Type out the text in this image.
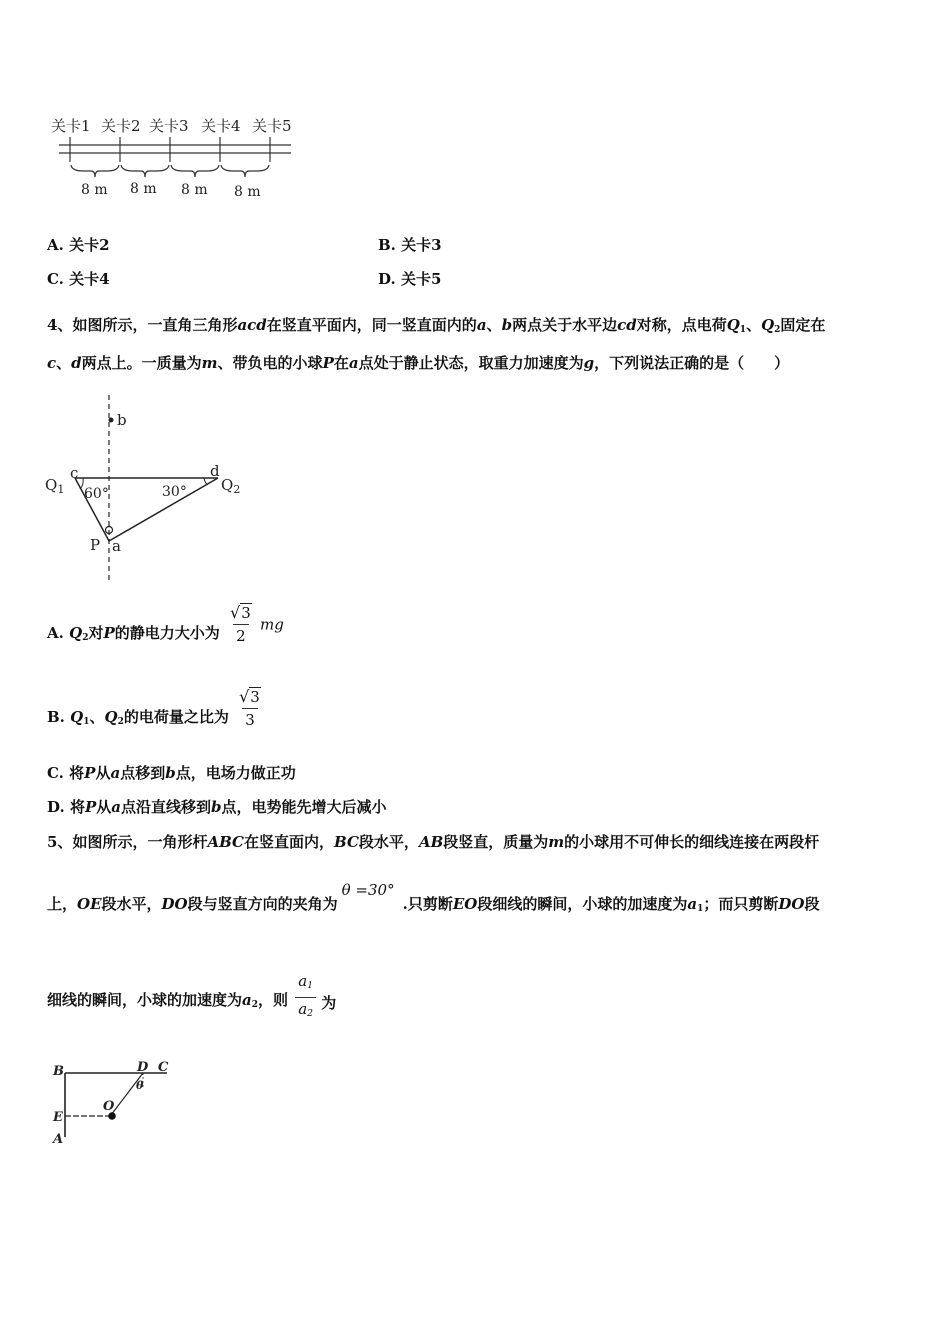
关卡1 关卡2 关卡3 关卡4 关卡5
8 m 8 m 8 m 8 m
A. 关卡2	B. 关卡3
C. 关卡4	D. 关卡5
4、如图所示，一直角三角形acd在竖直平面内，同一竖直面内的a、b两点关于水平边cd对称，点电荷$Q_1$、$Q_2$固定在
c、d两点上。一质量为m、带负电的小球P在a点处于静止状态，取重力加速度为g，下列说法正确的是（　　）
b
c	d
$Q_1$	$Q_2$
60°	30°
P a
A. $Q_2$对P的静电力大小为 $\frac{√3}{2}$ mg
B. $Q_1$、$Q_2$的电荷量之比为 $\frac{√3}{3}$
C. 将P从a点移到b点，电场力做正功
D. 将P从a点沿直线移到b点，电势能先增大后减小
5、如图所示，一角形杆ABC在竖直面内，BC段水平，AB段竖直，质量为m的小球用不可伸长的细线连接在两段杆
上，OE段水平，DO段与竖直方向的夹角为θ =30°.只剪断EO段细线的瞬间，小球的加速度为$a_1$；而只剪断DO段
细线的瞬间，小球的加速度为$a_2$，则 $\frac{a_1}{a_2}$ 为
B	D C
θ
E
O
A
